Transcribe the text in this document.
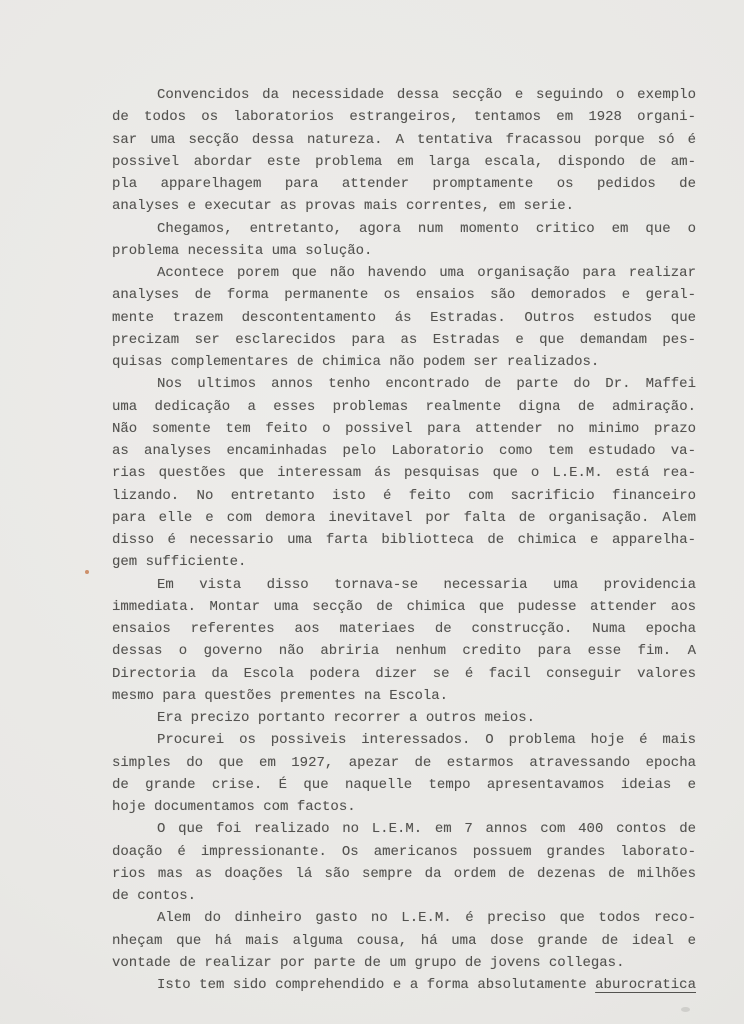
Convencidos da necessidade dessa secção e seguindo o exemplo
de todos os laboratorios estrangeiros, tentamos em 1928 organi-
sar uma secção dessa natureza. A tentativa fracassou porque só é
possivel abordar este problema em larga escala, dispondo de am-
pla apparelhagem para attender promptamente os pedidos de
analyses e executar as provas mais correntes, em serie.
Chegamos, entretanto, agora num momento critico em que o
problema necessita uma solução.
Acontece porem que não havendo uma organisação para realizar
analyses de forma permanente os ensaios são demorados e geral-
mente trazem descontentamento ás Estradas. Outros estudos que
precizam ser esclarecidos para as Estradas e que demandam pes-
quisas complementares de chimica não podem ser realizados.
Nos ultimos annos tenho encontrado de parte do Dr. Maffei
uma dedicação a esses problemas realmente digna de admiração.
Não somente tem feito o possivel para attender no minimo prazo
as analyses encaminhadas pelo Laboratorio como tem estudado va-
rias questões que interessam ás pesquisas que o L.E.M. está rea-
lizando. No entretanto isto é feito com sacrificio financeiro
para elle e com demora inevitavel por falta de organisação. Alem
disso é necessario uma farta bibliotteca de chimica e apparelha-
gem sufficiente.
Em vista disso tornava-se necessaria uma providencia
immediata. Montar uma secção de chimica que pudesse attender aos
ensaios referentes aos materiaes de construcção. Numa epocha
dessas o governo não abriria nenhum credito para esse fim. A
Directoria da Escola podera dizer se é facil conseguir valores
mesmo para questões prementes na Escola.
Era precizo portanto recorrer a outros meios.
Procurei os possiveis interessados. O problema hoje é mais
simples do que em 1927, apezar de estarmos atravessando epocha
de grande crise. É que naquelle tempo apresentavamos ideias e
hoje documentamos com factos.
O que foi realizado no L.E.M. em 7 annos com 400 contos de
doação é impressionante. Os americanos possuem grandes laborato-
rios mas as doações lá são sempre da ordem de dezenas de milhões
de contos.
Alem do dinheiro gasto no L.E.M. é preciso que todos reco-
nheçam que há mais alguma cousa, há uma dose grande de ideal e
vontade de realizar por parte de um grupo de jovens collegas.
Isto tem sido comprehendido e a forma absolutamente aburocratica
